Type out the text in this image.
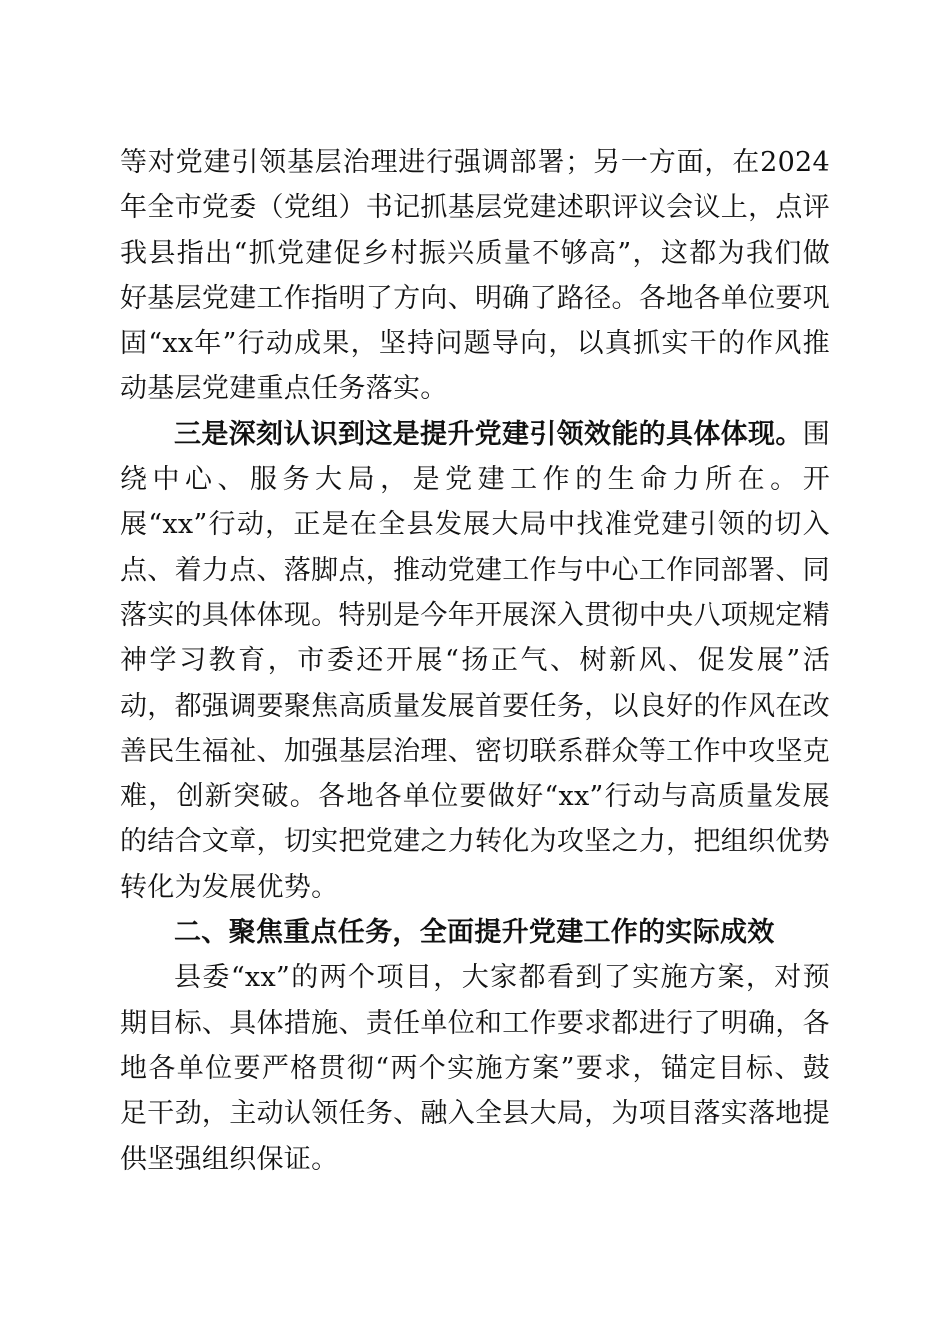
等对党建引领基层治理进行强调部署；另一方面，在2024年全市党委（党组）书记抓基层党建述职评议会议上，点评我县指出“抓党建促乡村振兴质量不够高”，这都为我们做好基层党建工作指明了方向、明确了路径。各地各单位要巩固“xx年”行动成果，坚持问题导向，以真抓实干的作风推动基层党建重点任务落实。

三是深刻认识到这是提升党建引领效能的具体体现。围绕中心、服务大局，是党建工作的生命力所在。开展“xx”行动，正是在全县发展大局中找准党建引领的切入点、着力点、落脚点，推动党建工作与中心工作同部署、同落实的具体体现。特别是今年开展深入贯彻中央八项规定精神学习教育，市委还开展“扬正气、树新风、促发展”活动，都强调要聚焦高质量发展首要任务，以良好的作风在改善民生福祉、加强基层治理、密切联系群众等工作中攻坚克难，创新突破。各地各单位要做好“xx”行动与高质量发展的结合文章，切实把党建之力转化为攻坚之力，把组织优势转化为发展优势。

二、聚焦重点任务，全面提升党建工作的实际成效

县委“xx”的两个项目，大家都看到了实施方案，对预期目标、具体措施、责任单位和工作要求都进行了明确，各地各单位要严格贯彻“两个实施方案”要求，锚定目标、鼓足干劲，主动认领任务、融入全县大局，为项目落实落地提供坚强组织保证。
